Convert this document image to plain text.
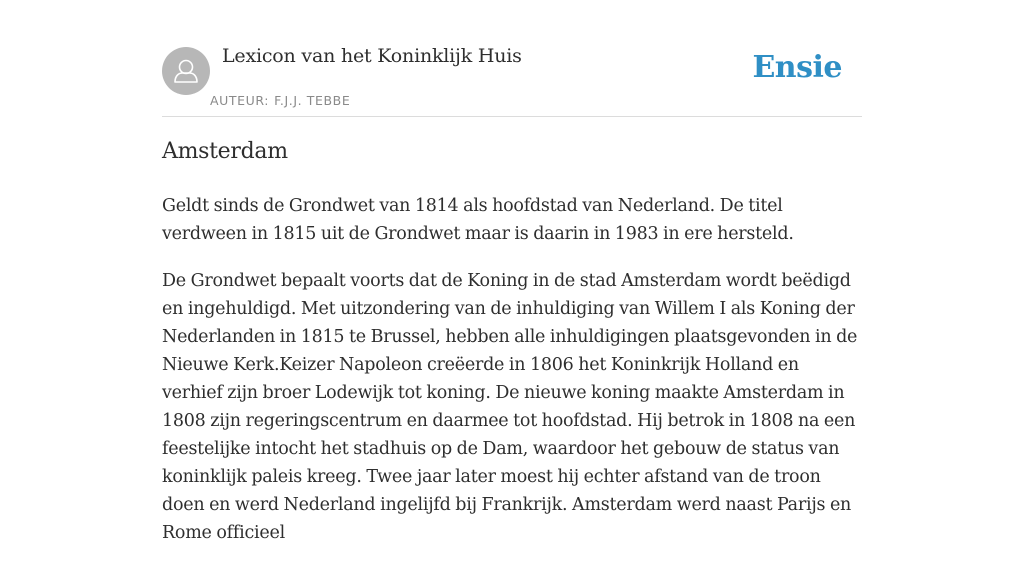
Lexicon van het Koninklijk Huis
AUTEUR: F.J.J. TEBBE
Ensie
Amsterdam

Geldt sinds de Grondwet van 1814 als hoofdstad van Nederland. De titel verdween in 1815 uit de Grondwet maar is daarin in 1983 in ere hersteld.

De Grondwet bepaalt voorts dat de Koning in de stad Amsterdam wordt beëdigd en ingehuldigd. Met uitzondering van de inhuldiging van Willem I als Koning der Nederlanden in 1815 te Brussel, hebben alle inhuldigingen plaatsgevonden in de Nieuwe Kerk.Keizer Napoleon creëerde in 1806 het Koninkrijk Holland en verhief zijn broer Lodewijk tot koning. De nieuwe koning maakte Amsterdam in 1808 zijn regeringscentrum en daarmee tot hoofdstad. Hij betrok in 1808 na een feestelijke intocht het stadhuis op de Dam, waardoor het gebouw de status van koninklijk paleis kreeg. Twee jaar later moest hij echter afstand van de troon doen en werd Nederland ingelijfd bij Frankrijk. Amsterdam werd naast Parijs en Rome officieel
